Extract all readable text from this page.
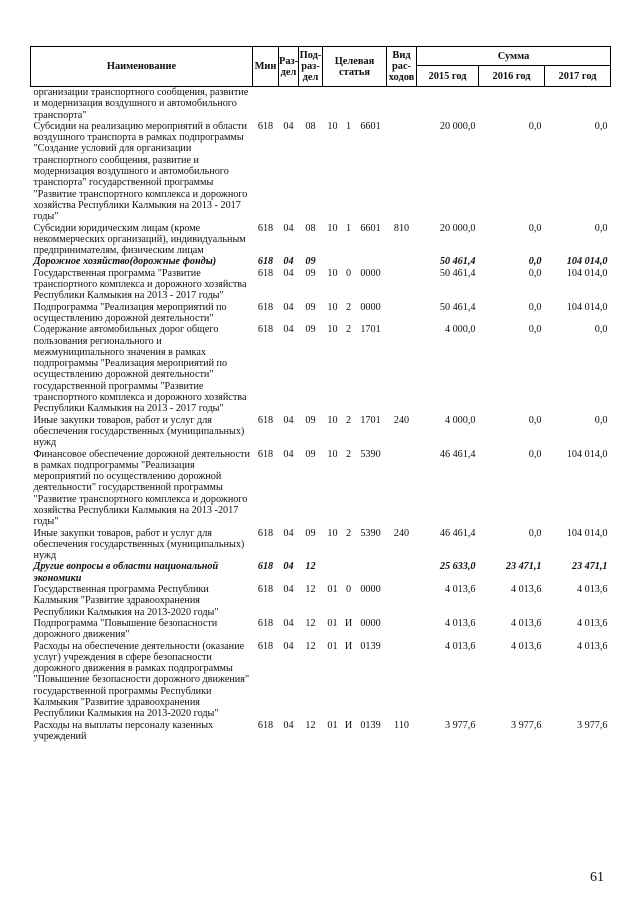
Наименование	Мин	Раз-дел	Под-раз-дел	Целевая статья	Вид рас-ходов	Сумма		
						2015 год	2016 год	2017 год
организации транспортного сообщения, развитие и модернизация воздушного и автомобильного транспорта"								
Субсидии на реализацию мероприятий в области воздушного транспорта в рамках подпрограммы "Создание условий для организации транспортного сообщения, развитие и модернизация воздушного и автомобильного транспорта" государственной программы "Развитие транспортного комплекса и дорожного хозяйства Республики Калмыкия на 2013 - 2017 годы"	618	04	08	10 1 6601		20 000,0	0,0	0,0
Субсидии юридическим лицам (кроме некоммерческих организаций), индивидуальным предпринимателям, физическим лицам	618	04	08	10 1 6601	810	20 000,0	0,0	0,0
Дорожное хозяйство(дорожные фонды)	618	04	09			50 461,4	0,0	104 014,0
Государственная программа "Развитие транспортного комплекса и дорожного хозяйства Республики Калмыкия на 2013 - 2017 годы"	618	04	09	10 0 0000		50 461,4	0,0	104 014,0
Подпрограмма "Реализация мероприятий по осуществлению дорожной деятельности"	618	04	09	10 2 0000		50 461,4	0,0	104 014,0
Содержание автомобильных дорог общего пользования регионального и межмуниципального значения в рамках подпрограммы "Реализация мероприятий по осуществлению дорожной деятельности" государственной программы "Развитие транспортного комплекса и дорожного хозяйства Республики Калмыкия на 2013 - 2017 годы"	618	04	09	10 2 1701		4 000,0	0,0	0,0
Иные закупки товаров, работ и услуг для обеспечения государственных (муниципальных) нужд	618	04	09	10 2 1701	240	4 000,0	0,0	0,0
Финансовое обеспечение дорожной деятельности в рамках подпрограммы "Реализация мероприятий по осуществлению дорожной деятельности" государственной программы "Развитие транспортного комплекса и дорожного хозяйства Республики Калмыкия на 2013 -2017 годы"	618	04	09	10 2 5390		46 461,4	0,0	104 014,0
Иные закупки товаров, работ и услуг для обеспечения государственных (муниципальных) нужд	618	04	09	10 2 5390	240	46 461,4	0,0	104 014,0
Другие вопросы в области национальной экономики	618	04	12			25 633,0	23 471,1	23 471,1
Государственная программа Республики Калмыкия "Развитие здравоохранения Республики Калмыкия на 2013-2020 годы"	618	04	12	01 0 0000		4 013,6	4 013,6	4 013,6
Подпрограмма "Повышение безопасности дорожного движения"	618	04	12	01 И 0000		4 013,6	4 013,6	4 013,6
Расходы на обеспечение деятельности (оказание услуг) учреждения в сфере безопасности дорожного движения в рамках подпрограммы "Повышение безопасности дорожного движения" государственной программы Республики Калмыкия "Развитие здравоохранения Республики Калмыкия на 2013-2020 годы"	618	04	12	01 И 0139		4 013,6	4 013,6	4 013,6
Расходы на выплаты персоналу казенных учреждений	618	04	12	01 И 0139	110	3 977,6	3 977,6	3 977,6
61
